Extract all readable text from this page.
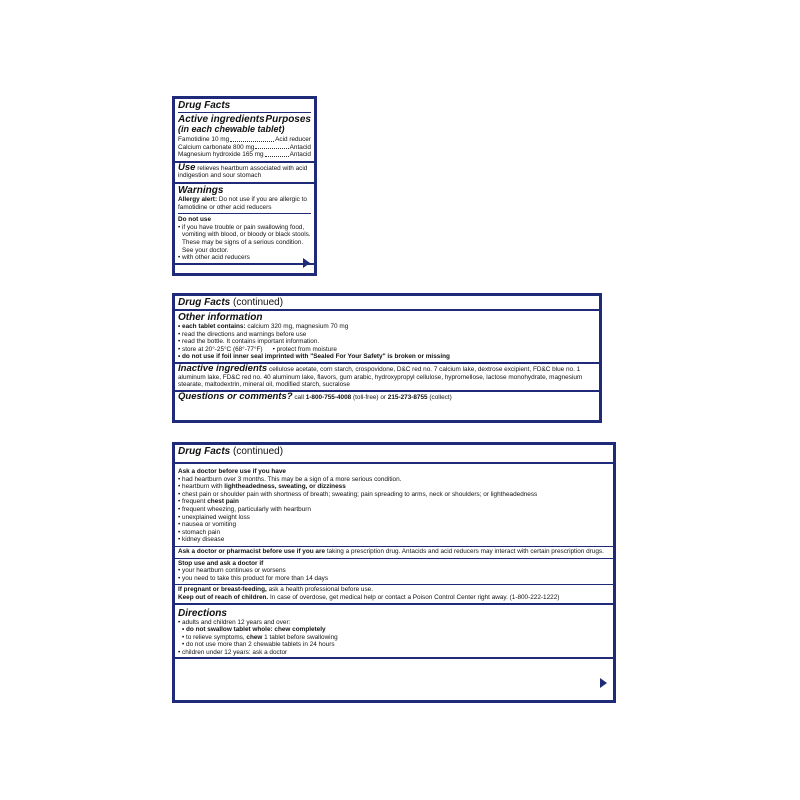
Drug Facts
Active ingredients Purposes
(in each chewable tablet)
Famotidine 10 mg	Acid reducer
Calcium carbonate 800 mg	Antacid
Magnesium hydroxide 165 mg	Antacid
Use relieves heartburn associated with acid
indigestion and sour stomach
Warnings
Allergy alert: Do not use if you are allergic to
famotidine or other acid reducers
Do not use
• if you have trouble or pain swallowing food,
vomiting with blood, or bloody or black stools.
These may be signs of a serious condition.
See your doctor.
• with other acid reducers
Drug Facts (continued)
Other information
• each tablet contains: calcium 320 mg, magnesium 70 mg
• read the directions and warnings before use
• read the bottle. It contains important information.
• store at 20°-25°C (68°-77°F) • protect from moisture
• do not use if foil inner seal imprinted with "Sealed For Your Safety" is broken or missing
Inactive ingredients cellulose acetate, corn starch, crospovidone, D&C red no. 7 calcium lake, dextrose excipient, FD&C blue no. 1 aluminum lake, FD&C red no. 40 aluminum lake, flavors, gum arabic, hydroxypropyl cellulose, hypromellose, lactose monohydrate, magnesium stearate, maltodextrin, mineral oil, modified starch, sucralose
Questions or comments? call 1-800-755-4008 (toll-free) or 215-273-8755 (collect)
Drug Facts (continued)
Ask a doctor before use if you have
• had heartburn over 3 months. This may be a sign of a more serious condition.
• heartburn with lightheadedness, sweating, or dizziness
• chest pain or shoulder pain with shortness of breath; sweating; pain spreading to arms, neck or shoulders; or lightheadedness
• frequent chest pain
• frequent wheezing, particularly with heartburn
• unexplained weight loss
• nausea or vomiting
• stomach pain
• kidney disease
Ask a doctor or pharmacist before use if you are taking a prescription drug. Antacids and acid reducers may interact with certain prescription drugs.
Stop use and ask a doctor if
• your heartburn continues or worsens
• you need to take this product for more than 14 days
If pregnant or breast-feeding, ask a health professional before use.
Keep out of reach of children. In case of overdose, get medical help or contact a Poison Control Center right away. (1-800-222-1222)
Directions
• adults and children 12 years and over:
• do not swallow tablet whole: chew completely
• to relieve symptoms, chew 1 tablet before swallowing
• do not use more than 2 chewable tablets in 24 hours
• children under 12 years: ask a doctor
